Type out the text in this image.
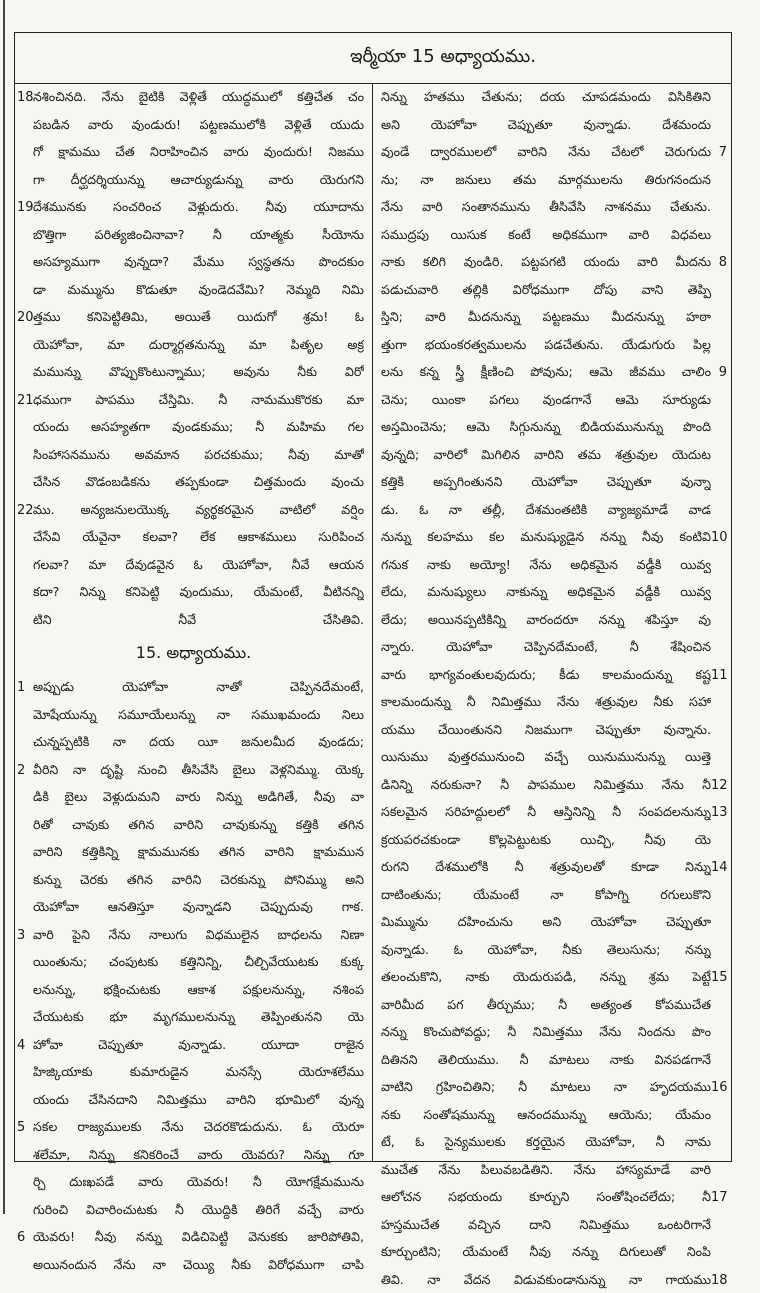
ఇర్మీయా 15 అధ్యాయము.
18 నశించినది. నేను బైటికి వెళ్లితే యుద్ధములో కత్తిచేత చం
పబడిన వారు వుండురు! పట్టణములోకి వెళ్లితే యుదు
గో క్షామము చేత నిరాహించిన వారు వుందురు! నిజము
గా దీర్ఘదర్శియున్ను ఆచార్యుడున్ను వారు యెరుగని
19 దేశమునకు సంచరించ వెళ్లుదురు. నీవు యూదాను
బొత్తిగా పరిత్యజించినావా? నీ యాత్మకు సీయోను
అసహ్యముగా వున్నదా? మేము స్వస్థతను పొందకుం
డా మమ్మును కొడుతూ వుండెదవేమి? నెమ్మది నిమి
20 త్తము కనిపెట్టితిమి, అయితే యిదుగో శ్రమ! ఓ
యెహోవా, మా దుర్మార్గతనున్ను మా పితృల అక్ర
మమున్ను వొప్పుకొంటున్నాము; అవును నీకు విరో
21 ధముగా పాపము చేస్తిమి. నీ నామముకొరకు మా
యందు అసహ్యతగా వుండకుము; నీ మహిమ గల
సింహాసనమును అవమాన పరచకుము; నీవు మాతో
చేసిన వొడంబడికను తప్పకుండా చిత్తమందు వుంచు
22 ము. అన్యజనులయొక్క వ్యర్థకరమైన వాటిలో వర్షిం
చేసేవి యేవైనా కలవా? లేక ఆకాశములు సురిపించ
గలవా? మా దేవుడవైన ఓ యెహోవా, నీవే ఆయన
కదా? నిన్ను కనిపెట్టి వుందుము, యేమంటే, వీటినన్ని
టిని నీవే చేసితివి.
15. అధ్యాయము.
1 అప్పుడు యెహోవా నాతో చెప్పినదేమంటే,
మోషేయున్ను సమూయేలున్ను నా సముఖమందు నిలు
చున్నప్పటికి నా దయ యీ జనులమీద వుండదు;
2 వీరిని నా దృష్టి నుంచి తీసివేసి బైలు వెళ్లనిమ్ము. యెక్క
డికి బైలు వెళ్లుదుమని వారు నిన్ను అడిగితే, నీవు వా
రితో చావుకు తగిన వారిని చావుకున్ను కత్తికి తగిన
వారిని కత్తికిన్ని క్షామమునకు తగిన వారిని క్షామమున
కున్ను చెరకు తగిన వారిని చెరకున్ను పోనిమ్ము అని
యెహోవా ఆనతిస్తూ వున్నాడని చెప్పుదువు గాక.
3 వారి పైని నేను నాలుగు విధములైన బాధలను నిణా
యింతును; చంపుటకు కత్తినిన్ని, చీల్చివేయుటకు కుక్క
లనున్ను, భక్షించుటకు ఆకాశ పక్షులనున్ను, నశింప
చేయుటకు భూ మృగములనున్ను తెప్పింతునని యె
4 హోవా చెప్పుతూ వున్నాడు. యూదా రాజైన
హిజ్కియాకు కుమారుడైన మనస్సే యెరూశలేము
యందు చేసినదాని నిమిత్తము వారిని భూమిలో వున్న
5 సకల రాజ్యములకు నేను చెదరకొడుదును. ఓ యెరూ
శలేమా, నిన్ను కనికరించే వారు యెవరు? నిన్ను గూ
ర్చి దుఃఖపడే వారు యెవరు! నీ యోగక్షేమమును
గురించి విచారించుటకు నీ యొద్దికి తిరిగే వచ్చే వారు
6 యెవరు! నీవు నన్ను విడిచిపెట్టి వెనుకకు జారిపోతివి,
అయినందున నేను నా చెయ్యి నీకు విరోధముగా చాపి
నిన్ను హతము చేతును; దయ చూపడమందు విసికితిని
అని యెహోవా చెప్పుతూ వున్నాడు. దేశమందు
వుండే ద్వారములలో వారిని నేను చేటలో చెరుగుదు 7
ను; నా జనులు తమ మార్గములను తిరుగనందున
నేను వారి సంతానమును తీసివేసి నాశనము చేతును.
సముద్రపు యిసుక కంటే అధికముగా వారి విధవలు
నాకు కలిగి వుండిరి. పట్టపగటి యందు వారి మీదను 8
పడుచువారి తల్లికి విరోధముగా దోపు వాని తెప్పి
స్తిని; వారి మీదనున్ను పట్టణము మీదనున్ను హఠా
త్తుగా భయంకరత్వములను పడచేతును. యేడుగురు పిల్ల
లను కన్న స్త్రీ క్షీణించి పోవును; ఆమె జీవము చాలిం 9
చెను; యింకా పగలు వుండగానే ఆమె సూర్యుడు
అస్తమించెను; ఆమె సిగ్గునున్ను బిడియమునున్ను పొంది
వున్నది; వారిలో మిగిలిన వారిని తమ శత్రువుల యెదుట
కత్తికి అప్పగింతునని యెహోవా చెప్పుతూ వున్నా
డు. ఓ నా తల్లీ, దేశమంతటికి వ్యాజ్యమాడే వాడ
నున్ను కలహము కల మనుష్యుడైన నన్ను నీవు కంటివి 10
గనుక నాకు అయ్యో! నేను అధికమైన వడ్డీకి యివ్వ
లేదు, మనుష్యులు నాకున్ను అధికమైన వడ్డీకి యివ్వ
లేదు; అయినప్పటికిన్ని వారందరూ నన్ను శపిస్తూ వు
న్నారు. యెహోవా చెప్పినదేమంటే, నీ శేషించిన
వారు భాగ్యవంతులవుదురు; కీడు కాలమందున్ను కష్ట 11
కాలమందున్ను నీ నిమిత్తము నేను శత్రువుల నీకు సహా
యము చేయింతునని నిజముగా చెప్పుతూ వున్నాను.
యినుము వుత్తరమునుంచి వచ్చే యినుమునున్ను యిత్తె
డినిన్ని నరుకునా? నీ పాపముల నిమిత్తము నేను నీ 12
సకలమైన సరిహద్దులలో నీ ఆస్తినిన్ని నీ సంపదలనున్ను 13
క్రయపరచకుండా కొల్లపెట్టుటకు యిచ్చి, నీవు యె
రుగని దేశములోకి నీ శత్రువులతో కూడా నిన్ను 14
దాటింతును; యేమంటే నా కోపాగ్ని రగులుకొని
మిమ్మును దహించును అని యెహోవా చెప్పుతూ
వున్నాడు. ఓ యెహోవా, నీకు తెలుసును; నన్ను
తలంచుకొని, నాకు యెదురుపడి, నన్ను శ్రమ పెట్టే 15
వారిమీద పగ తీర్చుము; నీ అత్యంత కోపముచేత
నన్ను కొంచుపోవద్దు; నీ నిమిత్తము నేను నిందను పొం
దితినని తెలియుము. నీ మాటలు నాకు వినపడగానే
వాటిని గ్రహించితిని; నీ మాటలు నా హృదయము 16
నకు సంతోషమున్ను ఆనందమున్ను ఆయెను; యేమం
టే, ఓ సైన్యములకు కర్తయైన యెహోవా, నీ నామ
ముచేత నేను పిలువబడితిని. నేను హాస్యమాడే వారి
ఆలోచన సభయందు కూర్చుని సంతోషించలేదు; నీ 17
హస్తముచేత వచ్చిన దాని నిమిత్తము ఒంటరిగానే
కూర్చుంటిని; యేమంటే నీవు నన్ను దిగులుతో నింపి
తివి. నా వేదన విడువకుండానున్ను నా గాయము 18
